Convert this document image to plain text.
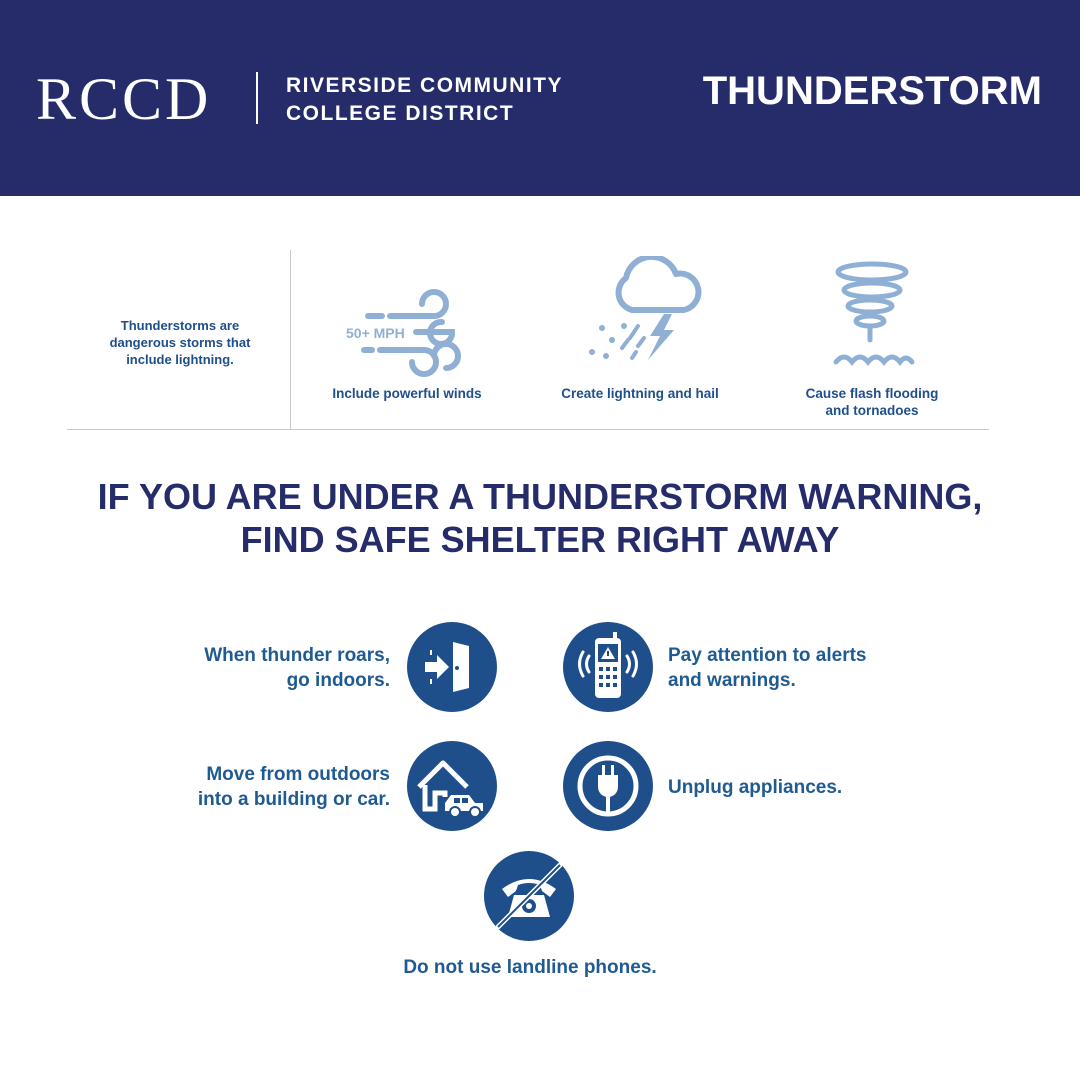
RCCD	RIVERSIDE COMMUNITY
COLLEGE DISTRICT
THUNDERSTORM
Thunderstorms are
dangerous storms that
include lightning.
50+ MPH
Include powerful winds	Create lightning and hail	Cause flash flooding
and tornadoes
IF YOU ARE UNDER A THUNDERSTORM WARNING,
FIND SAFE SHELTER RIGHT AWAY
When thunder roars,
go indoors.
Pay attention to alerts
and warnings.
Move from outdoors
into a building or car.
Unplug appliances.
Do not use landline phones.
